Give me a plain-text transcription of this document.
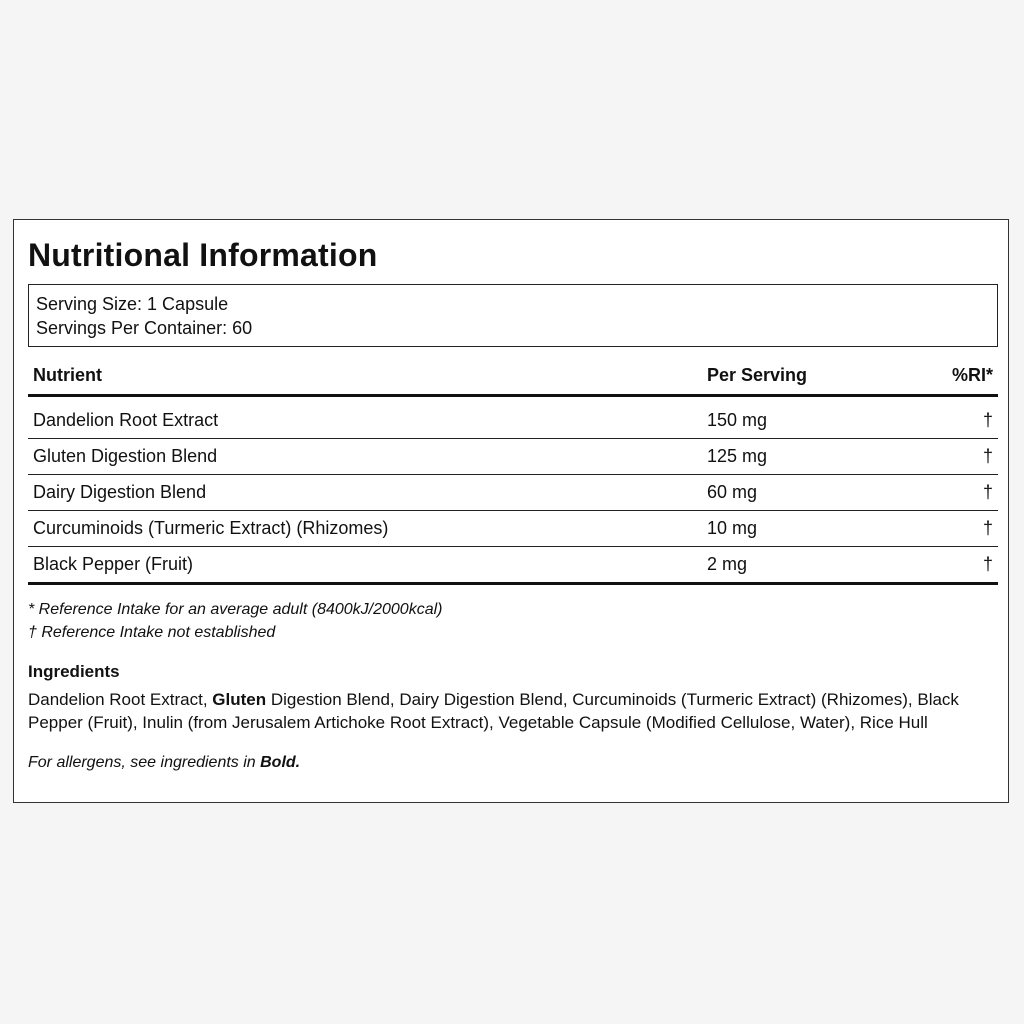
Nutritional Information
Serving Size: 1 Capsule
Servings Per Container: 60
Nutrient	Per Serving	%RI*
Dandelion Root Extract	150 mg	†
Gluten Digestion Blend	125 mg	†
Dairy Digestion Blend	60 mg	†
Curcuminoids (Turmeric Extract) (Rhizomes)	10 mg	†
Black Pepper (Fruit)	2 mg	†
* Reference Intake for an average adult (8400kJ/2000kcal)
† Reference Intake not established
Ingredients
Dandelion Root Extract, Gluten Digestion Blend, Dairy Digestion Blend, Curcuminoids (Turmeric Extract) (Rhizomes), Black Pepper (Fruit), Inulin (from Jerusalem Artichoke Root Extract), Vegetable Capsule (Modified Cellulose, Water), Rice Hull
For allergens, see ingredients in Bold.
